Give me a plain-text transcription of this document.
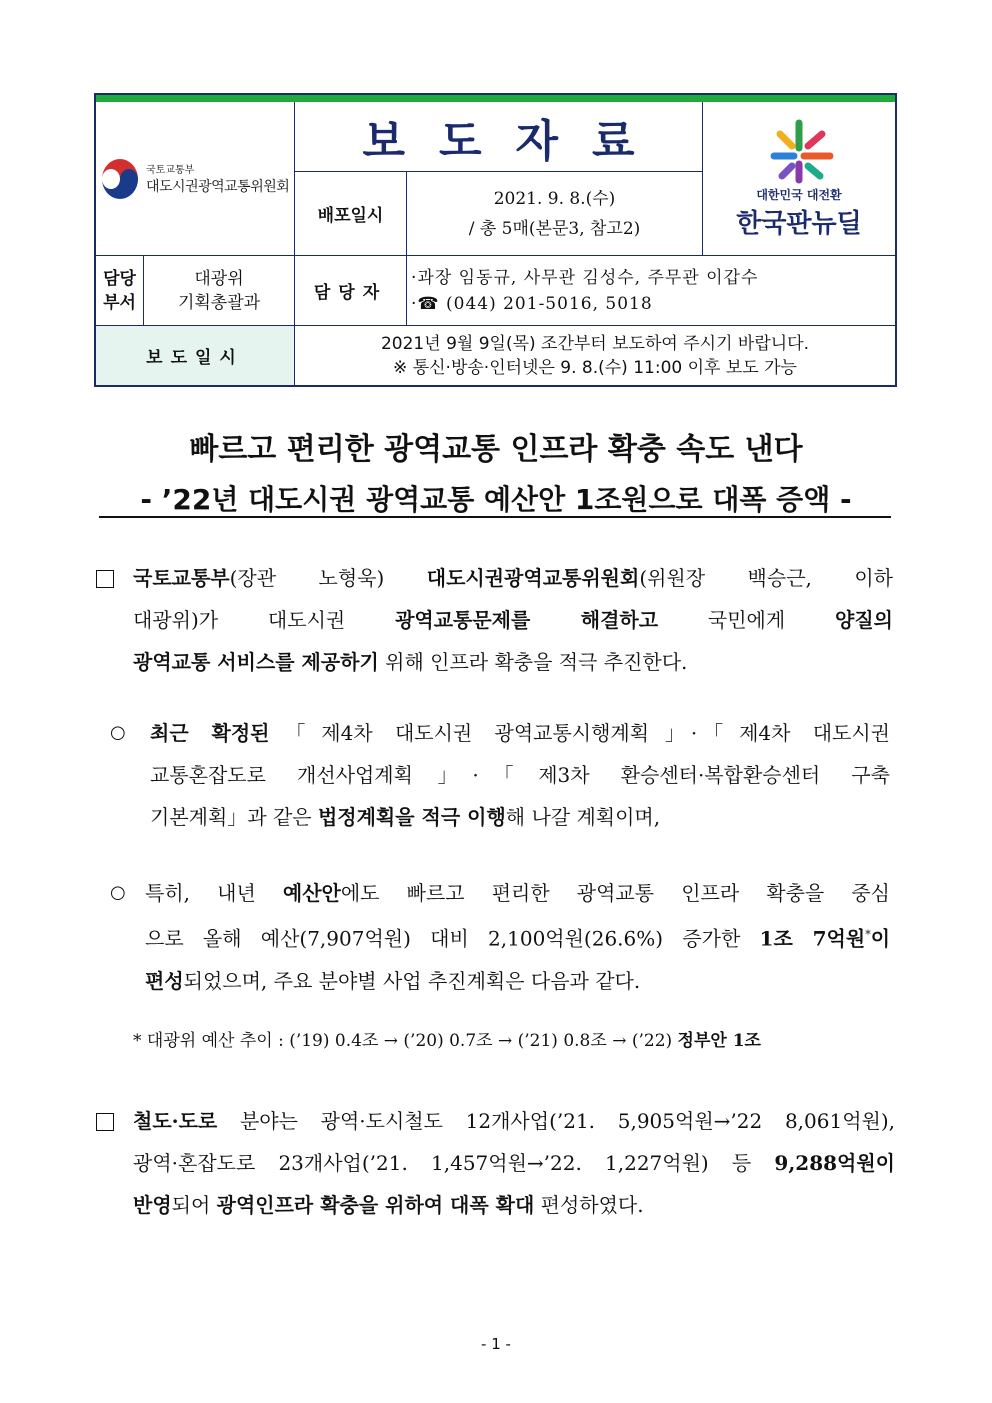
국토교통부
대도시권광역교통위원회
보도자료
배포일시
2021. 9. 8.(수)
/ 총 5매(본문3, 참고2)
대한민국 대전환
한국판뉴딜
담당
부서
대광위
기획총괄과	담당자
·과장 임동규, 사무관 김성수, 주무관 이갑수
·☎ (044) 201-5016, 5018
보도일시
2021년 9월 9일(목) 조간부터 보도하여 주시기 바랍니다.
※ 통신·방송·인터넷은 9. 8.(수) 11:00 이후 보도 가능
빠르고 편리한 광역교통 인프라 확충 속도 낸다
- ’22년 대도시권 광역교통 예산안 1조원으로 대폭 증액 -
국토교통부(장관 노형욱) 대도시권광역교통위원회(위원장 백승근, 이하
대광위)가 대도시권 광역교통문제를 해결하고 국민에게 양질의
광역교통 서비스를 제공하기 위해 인프라 확충을 적극 추진한다.
○ 최근 확정된「제4차 대도시권 광역교통시행계획」·「제4차 대도시권
교통혼잡도로 개선사업계획」·「제3차 환승센터·복합환승센터 구축
기본계획」과 같은 법정계획을 적극 이행해 나갈 계획이며,
○ 특히, 내년 예산안에도 빠르고 편리한 광역교통 인프라 확충을 중심
으로 올해 예산(7,907억원) 대비 2,100억원(26.6%) 증가한 1조 7억원*이
편성되었으며, 주요 분야별 사업 추진계획은 다음과 같다.
* 대광위 예산 추이 : (’19) 0.4조 → (’20) 0.7조 → (’21) 0.8조 → (’22) 정부안 1조
철도·도로 분야는 광역·도시철도 12개사업(’21. 5,905억원→’22 8,061억원),
광역·혼잡도로 23개사업(’21. 1,457억원→’22. 1,227억원) 등 9,288억원이
반영되어 광역인프라 확충을 위하여 대폭 확대 편성하였다.
- 1 -
